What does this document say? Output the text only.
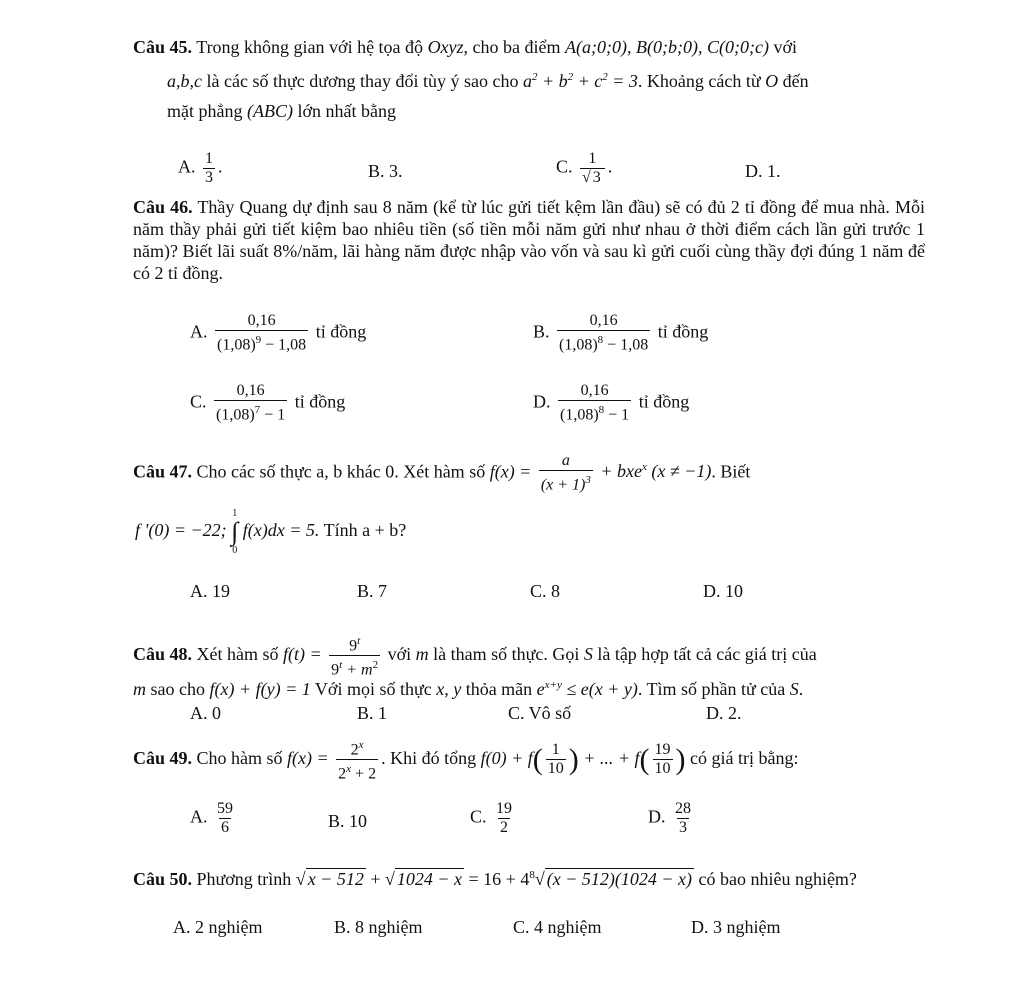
Câu 45. Trong không gian với hệ tọa độ Oxyz, cho ba điểm A(a;0;0), B(0;b;0), C(0;0;c) với
a,b,c là các số thực dương thay đổi tùy ý sao cho $a^2 + b^2 + c^2 = 3$. Khoảng cách từ O đến
mặt phẳng (ABC) lớn nhất bằng
A. $\frac{1}{3}$ .	B. 3.	C. $\frac{1}{√ 3}$ .	D. 1.
Câu 46. Thầy Quang dự định sau 8 năm (kể từ lúc gửi tiết kệm lần đầu) sẽ có đủ 2 tỉ đồng để mua nhà. Mỗi năm thầy phải gửi tiết kiệm bao nhiêu tiền (số tiền mỗi năm gửi như nhau ở thời điểm cách lần gửi trước 1 năm)? Biết lãi suất 8%/năm, lãi hàng năm được nhập vào vốn và sau kì gửi cuối cùng thầy đợi đúng 1 năm để có 2 tỉ đồng.
A. $\frac{0,16}{(1,08)^9 - 1,08}$ tỉ đồng	B. $\frac{0,16}{(1,08)^8 - 1,08}$ tỉ đồng
C. $\frac{0,16}{(1,08)^7 - 1}$ tỉ đồng	D. $\frac{0,16}{(1,08)^8 - 1}$ tỉ đồng
Câu 47. Cho các số thực a, b khác 0. Xét hàm số $f(x) = \frac{a}{(x + 1)^3} + bxe^x$ (x ≠ −1). Biết
f '(0) = −22;
1
∫
0
f(x)dx = 5. Tính a + b?
A. 19	B. 7	C. 8	D. 10
Câu 48. Xét hàm số $f(t) = \frac{9^t}{9^t + m^2}$ với m là tham số thực. Gọi S là tập hợp tất cả các giá trị của
m sao cho f(x) + f(y) = 1 Với mọi số thực x, y thỏa mãn $e^{x+y} \le e(x + y)$. Tìm số phần tử của S.
A. 0	B. 1	C. Vô số	D. 2.
Câu 49. Cho hàm số $f(x) = \frac{2^x}{2^x + 2}$ . Khi đó tổng $f(0) + f( \frac{1}{10}$ ) + ... + $f( \frac{19}{10}$ ) có giá trị bằng:
A. $\frac{59}{6}$	B. 10	C. $\frac{19}{2}$	D. $\frac{28}{3}$
Câu 50. Phương trình √ x − 512 + √ $1024 - x = 16 + 4^8√$ (x − 512)(1024 − x) có bao nhiêu nghiệm?
A. 2 nghiệm	B. 8 nghiệm	C. 4 nghiệm	D. 3 nghiệm
